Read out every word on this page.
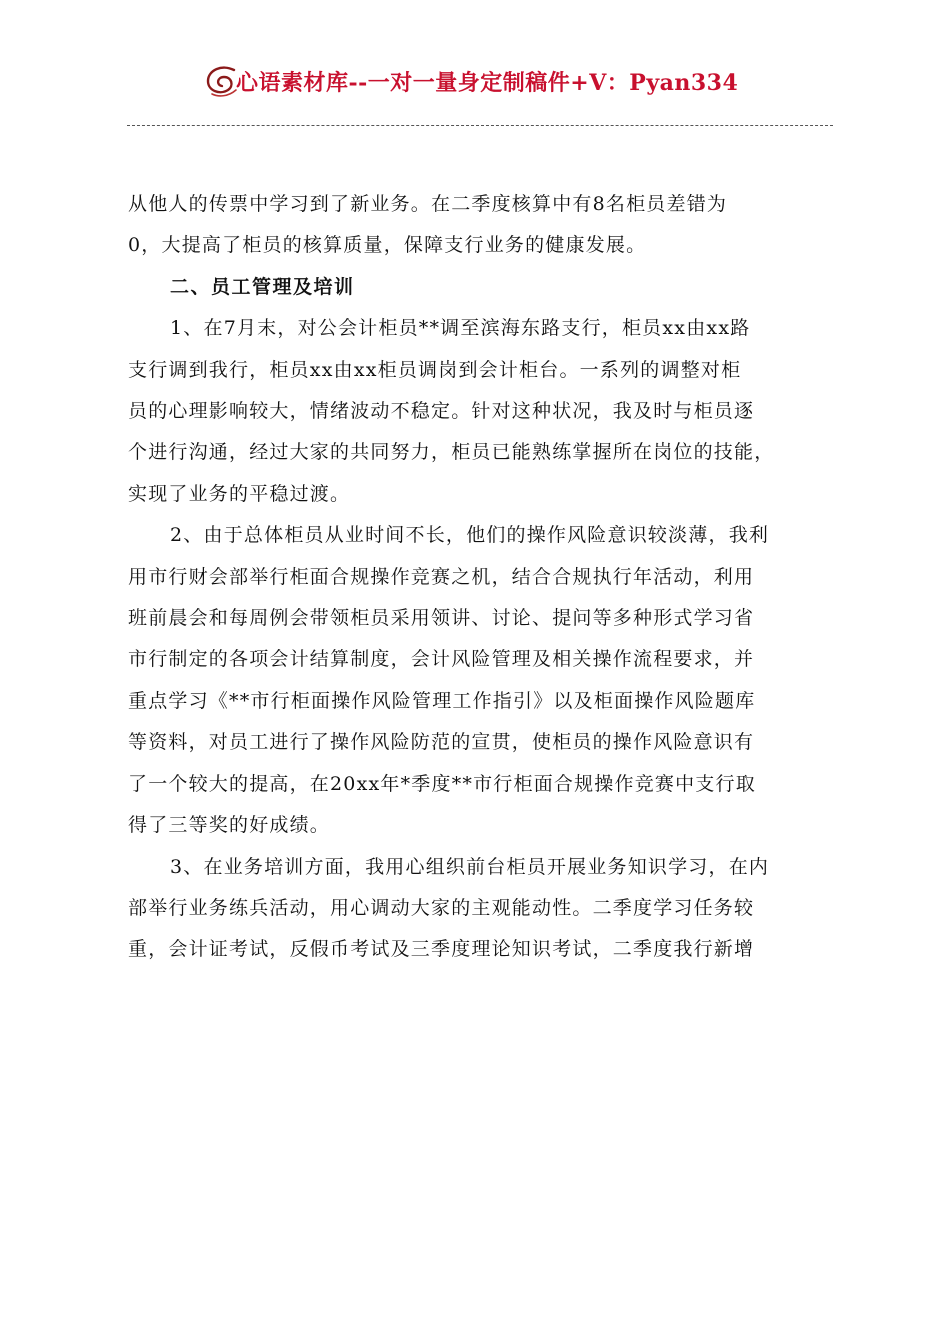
心语素材库--一对一量身定制稿件+V：Pyan334

从他人的传票中学习到了新业务。在二季度核算中有8名柜员差错为
0，大提高了柜员的核算质量，保障支行业务的健康发展。

二、员工管理及培训

1、在7月末，对公会计柜员**调至滨海东路支行，柜员xx由xx路
支行调到我行，柜员xx由xx柜员调岗到会计柜台。一系列的调整对柜
员的心理影响较大，情绪波动不稳定。针对这种状况，我及时与柜员逐
个进行沟通，经过大家的共同努力，柜员已能熟练掌握所在岗位的技能，
实现了业务的平稳过渡。

2、由于总体柜员从业时间不长，他们的操作风险意识较淡薄，我利
用市行财会部举行柜面合规操作竞赛之机，结合合规执行年活动，利用
班前晨会和每周例会带领柜员采用领讲、讨论、提问等多种形式学习省
市行制定的各项会计结算制度，会计风险管理及相关操作流程要求，并
重点学习《**市行柜面操作风险管理工作指引》以及柜面操作风险题库
等资料，对员工进行了操作风险防范的宣贯，使柜员的操作风险意识有
了一个较大的提高，在20xx年*季度**市行柜面合规操作竞赛中支行取
得了三等奖的好成绩。

3、在业务培训方面，我用心组织前台柜员开展业务知识学习，在内
部举行业务练兵活动，用心调动大家的主观能动性。二季度学习任务较
重，会计证考试，反假币考试及三季度理论知识考试，二季度我行新增
